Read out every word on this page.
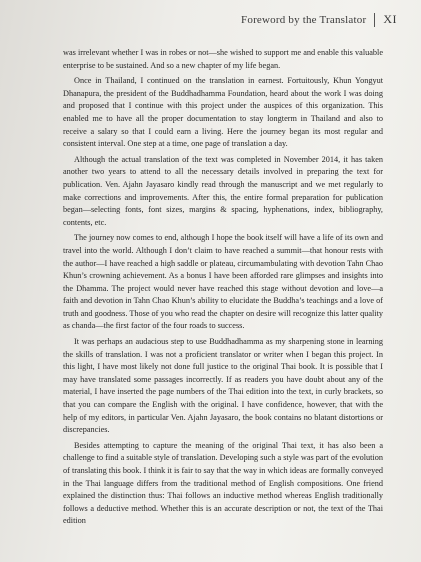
Foreword by the Translator XI

was irrelevant whether I was in robes or not—she wished to support me and enable this valuable enterprise to be sustained. And so a new chapter of my life began.

Once in Thailand, I continued on the translation in earnest. Fortuitously, Khun Yongyut Dhanapura, the president of the Buddhadhamma Foundation, heard about the work I was doing and proposed that I continue with this project under the auspices of this organization. This enabled me to have all the proper documentation to stay longterm in Thailand and also to receive a salary so that I could earn a living. Here the journey began its most regular and consistent interval. One step at a time, one page of translation a day.

Although the actual translation of the text was completed in November 2014, it has taken another two years to attend to all the necessary details involved in preparing the text for publication. Ven. Ajahn Jayasaro kindly read through the manuscript and we met regularly to make corrections and improvements. After this, the entire formal preparation for publication began—selecting fonts, font sizes, margins & spacing, hyphenations, index, bibliography, contents, etc.

The journey now comes to end, although I hope the book itself will have a life of its own and travel into the world. Although I don’t claim to have reached a summit—that honour rests with the author—I have reached a high saddle or plateau, circumambulating with devotion Tahn Chao Khun’s crowning achievement. As a bonus I have been afforded rare glimpses and insights into the Dhamma. The project would never have reached this stage without devotion and love—a faith and devotion in Tahn Chao Khun’s ability to elucidate the Buddha’s teachings and a love of truth and goodness. Those of you who read the chapter on desire will recognize this latter quality as chanda—the first factor of the four roads to success.

It was perhaps an audacious step to use Buddhadhamma as my sharpening stone in learning the skills of translation. I was not a proficient translator or writer when I began this project. In this light, I have most likely not done full justice to the original Thai book. It is possible that I may have translated some passages incorrectly. If as readers you have doubt about any of the material, I have inserted the page numbers of the Thai edition into the text, in curly brackets, so that you can compare the English with the original. I have confidence, however, that with the help of my editors, in particular Ven. Ajahn Jayasaro, the book contains no blatant distortions or discrepancies.

Besides attempting to capture the meaning of the original Thai text, it has also been a challenge to find a suitable style of translation. Developing such a style was part of the evolution of translating this book. I think it is fair to say that the way in which ideas are formally conveyed in the Thai language differs from the traditional method of English compositions. One friend explained the distinction thus: Thai follows an inductive method whereas English traditionally follows a deductive method. Whether this is an accurate description or not, the text of the Thai edition
